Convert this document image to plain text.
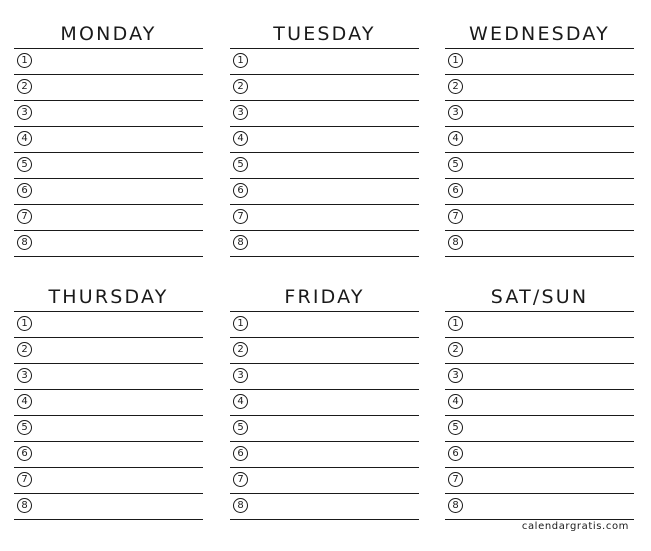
MONDAY
1
2
3
4
5
6
7
8
TUESDAY
1
2
3
4
5
6
7
8
WEDNESDAY
1
2
3
4
5
6
7
8
THURSDAY
1
2
3
4
5
6
7
8
FRIDAY
1
2
3
4
5
6
7
8
SAT/SUN
1
2
3
4
5
6
7
8
calendargratis.com
